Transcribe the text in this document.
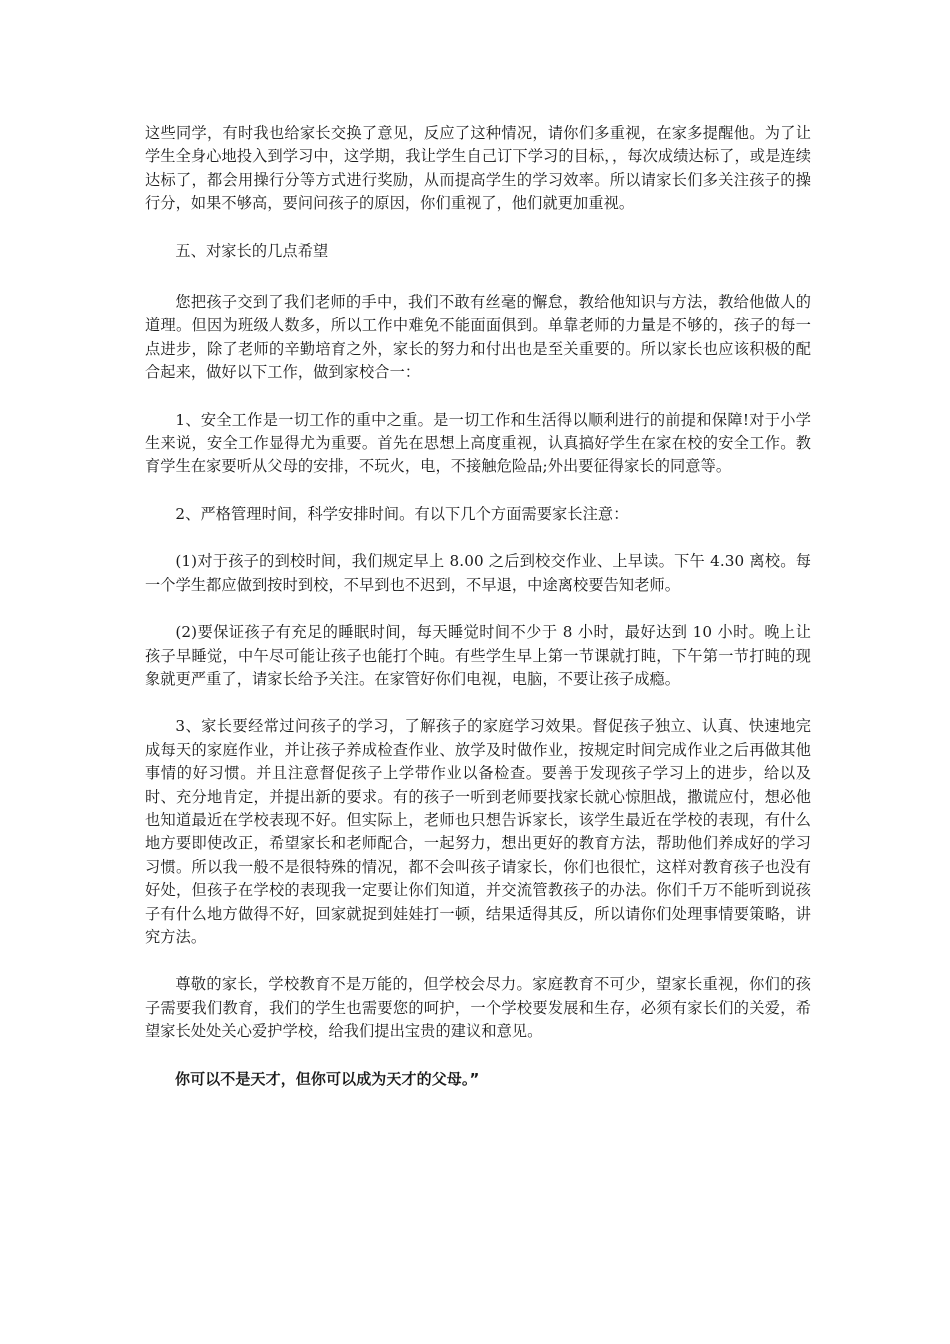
这些同学，有时我也给家长交换了意见，反应了这种情况，请你们多重视，在家多提醒他。为了让学生全身心地投入到学习中，这学期，我让学生自己订下学习的目标，，每次成绩达标了，或是连续达标了，都会用操行分等方式进行奖励，从而提高学生的学习效率。所以请家长们多关注孩子的操行分，如果不够高，要问问孩子的原因，你们重视了，他们就更加重视。

五、对家长的几点希望

您把孩子交到了我们老师的手中，我们不敢有丝毫的懈怠，教给他知识与方法，教给他做人的道理。但因为班级人数多，所以工作中难免不能面面俱到。单靠老师的力量是不够的，孩子的每一点进步，除了老师的辛勤培育之外，家长的努力和付出也是至关重要的。所以家长也应该积极的配合起来，做好以下工作，做到家校合一：

1、安全工作是一切工作的重中之重。是一切工作和生活得以顺利进行的前提和保障!对于小学生来说，安全工作显得尤为重要。首先在思想上高度重视，认真搞好学生在家在校的安全工作。教育学生在家要听从父母的安排，不玩火，电，不接触危险品;外出要征得家长的同意等。

2、严格管理时间，科学安排时间。有以下几个方面需要家长注意：

(1)对于孩子的到校时间，我们规定早上 8.00 之后到校交作业、上早读。下午 4.30 离校。每一个学生都应做到按时到校，不早到也不迟到，不早退，中途离校要告知老师。

(2)要保证孩子有充足的睡眠时间，每天睡觉时间不少于 8 小时，最好达到 10 小时。晚上让孩子早睡觉，中午尽可能让孩子也能打个盹。有些学生早上第一节课就打盹，下午第一节打盹的现象就更严重了，请家长给予关注。在家管好你们电视，电脑，不要让孩子成瘾。

3、家长要经常过问孩子的学习，了解孩子的家庭学习效果。督促孩子独立、认真、快速地完成每天的家庭作业，并让孩子养成检查作业、放学及时做作业，按规定时间完成作业之后再做其他事情的好习惯。并且注意督促孩子上学带作业以备检查。要善于发现孩子学习上的进步，给以及时、充分地肯定，并提出新的要求。有的孩子一听到老师要找家长就心惊胆战，撒谎应付，想必他也知道最近在学校表现不好。但实际上，老师也只想告诉家长，该学生最近在学校的表现，有什么地方要即使改正，希望家长和老师配合，一起努力，想出更好的教育方法，帮助他们养成好的学习习惯。所以我一般不是很特殊的情况，都不会叫孩子请家长，你们也很忙，这样对教育孩子也没有好处，但孩子在学校的表现我一定要让你们知道，并交流管教孩子的办法。你们千万不能听到说孩子有什么地方做得不好，回家就捉到娃娃打一顿，结果适得其反，所以请你们处理事情要策略，讲究方法。

尊敬的家长，学校教育不是万能的，但学校会尽力。家庭教育不可少，望家长重视，你们的孩子需要我们教育，我们的学生也需要您的呵护，一个学校要发展和生存，必须有家长们的关爱，希望家长处处关心爱护学校，给我们提出宝贵的建议和意见。

你可以不是天才，但你可以成为天才的父母。”
